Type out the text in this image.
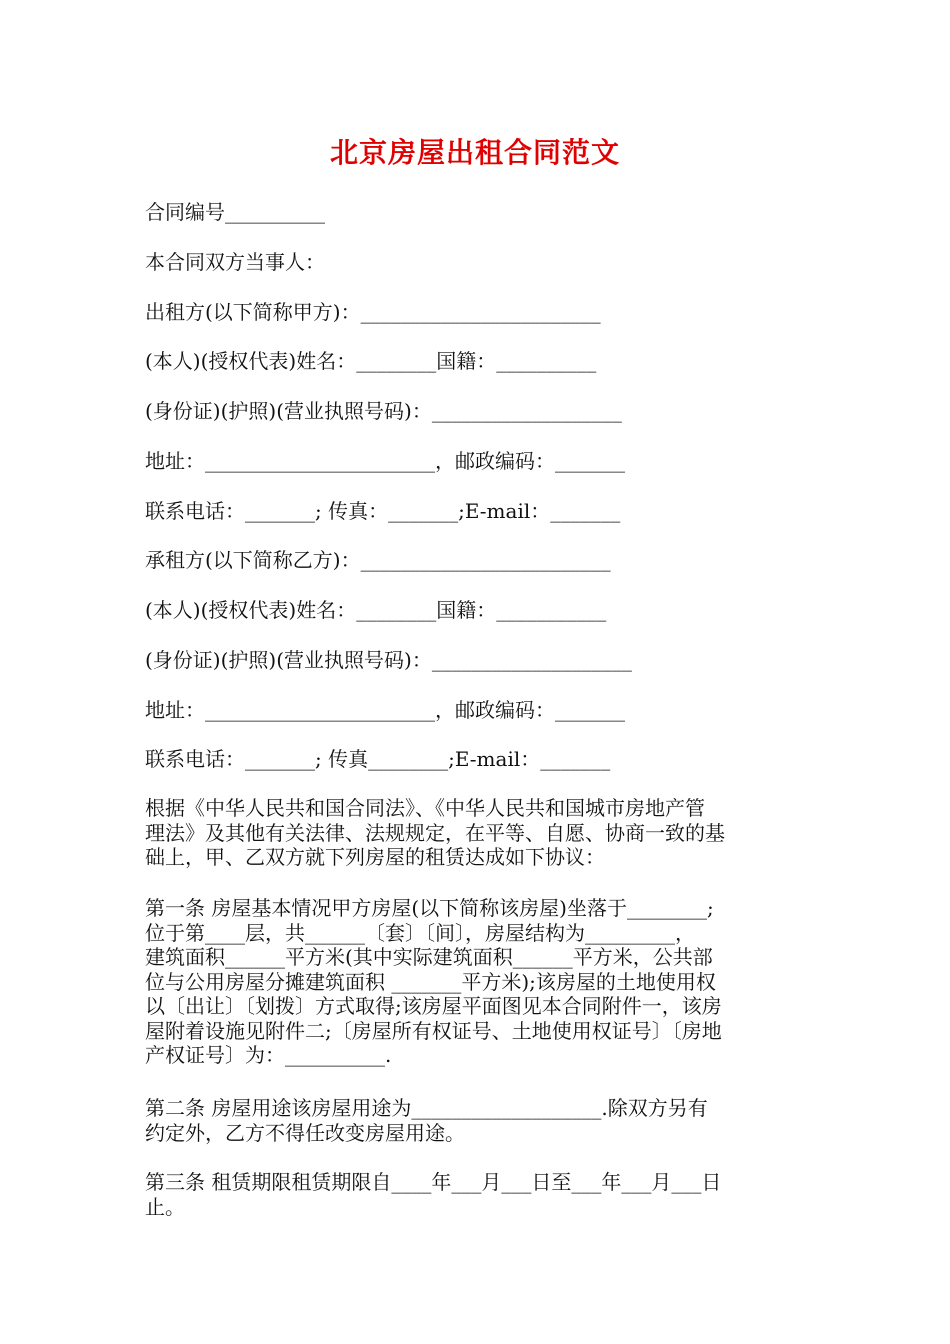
北京房屋出租合同范文

合同编号__________

本合同双方当事人：

出租方(以下简称甲方)：________________________

(本人)(授权代表)姓名：________国籍：__________

(身份证)(护照)(营业执照号码)：___________________

地址：_______________________，邮政编码：_______

联系电话：_______; 传真：_______;E-mail：_______

承租方(以下简称乙方)：_________________________

(本人)(授权代表)姓名：________国籍：___________

(身份证)(护照)(营业执照号码)：____________________

地址：_______________________，邮政编码：_______

联系电话：_______; 传真________;E-mail：_______

根据《中华人民共和国合同法》、《中华人民共和国城市房地产管
理法》及其他有关法律、法规规定，在平等、自愿、协商一致的基
础上，甲、乙双方就下列房屋的租赁达成如下协议：
第一条 房屋基本情况甲方房屋(以下简称该房屋)坐落于________;
位于第____层，共______〔套〕〔间〕，房屋结构为_________，
建筑面积______平方米(其中实际建筑面积______平方米，公共部
位与公用房屋分摊建筑面积 _______平方米);该房屋的土地使用权
以〔出让〕〔划拨〕方式取得;该房屋平面图见本合同附件一，该房
屋附着设施见附件二;〔房屋所有权证号、土地使用权证号〕〔房地
产权证号〕为：__________.
第二条 房屋用途该房屋用途为___________________.除双方另有
约定外，乙方不得任改变房屋用途。
第三条 租赁期限租赁期限自____年___月___日至___年___月___日
止。
